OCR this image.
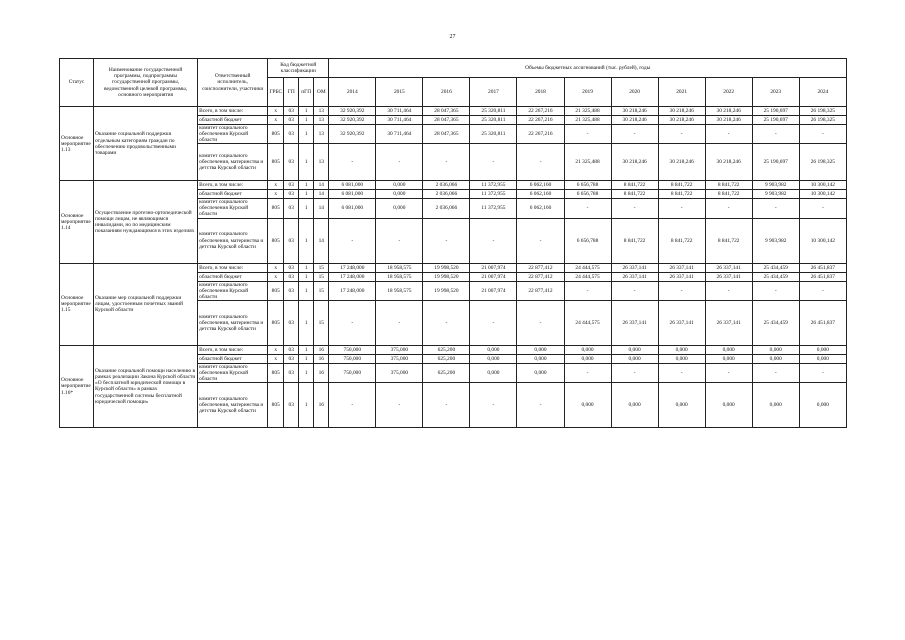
27
Статус	Наименование государственной программы, подпрограммы государственной программы, ведомственной целевой программы, основного мероприятия	Ответственный исполнитель, соисполнители, участники	Код бюджетной классификации				Объемы бюджетных ассигнований (тыс. рублей), годы										
			ГРБС	ГП	пГП	ОМ	2014	2015	2016	2017	2018	2019	2020	2021	2022	2023	2024
Основное мероприятие 1.13	Оказание социальной поддержки отдельным категориям граждан по обеспечению продовольственными товарами	Всего, в том числе:	х	03	1	13	32 920,392	30 711,464	28 047,365	25 320,811	22 267,216	21 325,488	30 218,246	30 218,246	30 218,246	25 190,697	26 198,325
		областной бюджет	х	03	1	13	32 920,392	30 711,464	28 047,365	25 320,811	22 267,216	21 325,488	30 218,246	30 218,246	30 218,246	25 190,697	26 198,325
		комитет социального обеспечения Курской области	805	03	1	13	32 920,392	30 711,464	28 047,365	25 320,811	22 267,216	-	-	-	-	-	-
		комитет социального обеспечения, материнства и детства Курской области	805	03	1	13	-	-	-	-	-	21 325,488	30 218,246	30 218,246	30 218,246	25 190,697	26 198,325
Основное мероприятие 1.14	Осуществление протезно-ортопедической помощи лицам, не являющимся инвалидами, но по медицинским показаниям нуждающимся в этих изделиях	Всего, в том числе:	х	03	1	14	6 081,000	0,000	2 036,066	11 372,955	6 062,160	6 656,788	8 841,722	8 841,722	8 841,722	9 903,982	10 300,142
		областной бюджет	х	03	1	14	6 081,000	0,000	2 036,066	11 372,955	6 062,160	6 656,788	8 841,722	8 841,722	8 841,722	9 903,982	10 300,142
		комитет социального обеспечения Курской области	805	03	1	14	6 081,000	0,000	2 036,066	11 372,955	6 062,160	-	-	-	-	-	-
		комитет социального обеспечения, материнства и детства Курской области	805	03	1	14	-	-	-	-	-	6 656,788	8 841,722	8 841,722	8 841,722	9 903,982	10 300,142
Основное мероприятие 1.15	Оказание мер социальной поддержки лицам, удостоенным почетных званий Курской области	Всего, в том числе:	х	03	1	15	17 248,000	18 958,575	19 998,520	21 007,974	22 877,412	24 444,575	26 337,141	26 337,141	26 337,141	25 434,459	26 451,837
		областной бюджет	х	03	1	15	17 248,000	18 958,575	19 998,520	21 007,974	22 877,412	24 444,575	26 337,141	26 337,141	26 337,141	25 434,459	26 451,837
		комитет социального обеспечения Курской области	805	03	1	15	17 248,000	18 958,575	19 998,520	21 007,974	22 877,412	-	-	-	-	-	-
		комитет социального обеспечения, материнства и детства Курской области	805	03	1	15	-	-	-	-	-	24 444,575	26 337,141	26 337,141	26 337,141	25 434,459	26 451,837
Основное мероприятие 1.16*	Оказание социальной помощи населению в рамках реализации Закона Курской области «О бесплатной юридической помощи в Курской области» в рамках государственной системы бесплатной юридической помощи»	Всего, в том числе:	х	03	1	16	750,000	375,000	625,200	0,000	0,000	0,000	0,000	0,000	0,000	0,000	0,000
		областной бюджет	х	03	1	16	750,000	375,000	625,200	0,000	0,000	0,000	0,000	0,000	0,000	0,000	0,000
		комитет социального обеспечения Курской области	805	03	1	16	750,000	375,000	625,200	0,000	0,000	-	-	-	-	-	-
		комитет социального обеспечения, материнства и детства Курской области	805	03	1	16	-	-	-	-	-	0,000	0,000	0,000	0,000	0,000	0,000
